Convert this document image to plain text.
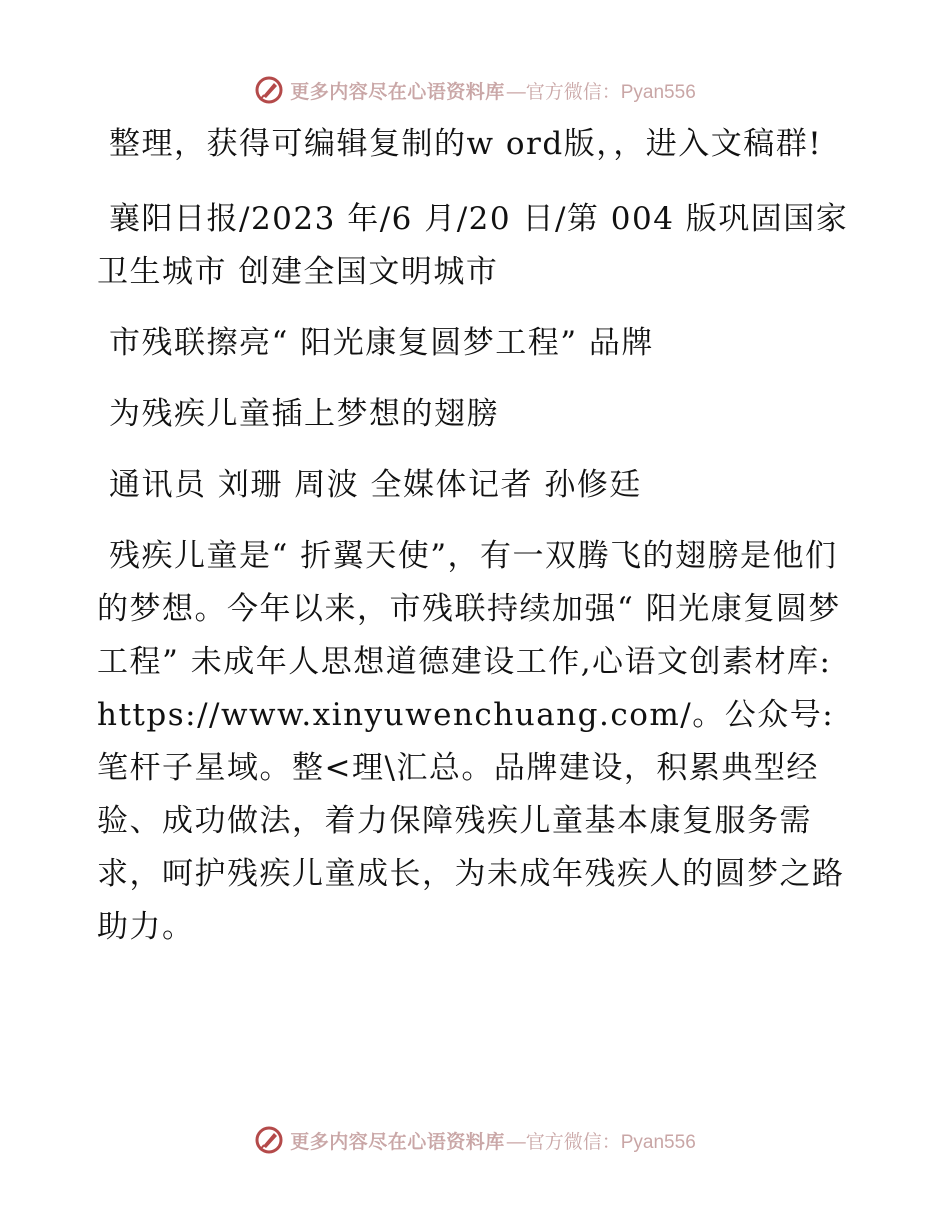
更多内容尽在心语资料库 —官方微信：Pyan556

整理，获得可编辑复制的w ord版，，进入文稿群!

襄阳日报/2023 年/6 月/20 日/第 004 版巩固国家卫生城市 创建全国文明城市

市残联擦亮“ 阳光康复圆梦工程” 品牌

为残疾儿童插上梦想的翅膀

通讯员 刘珊 周波 全媒体记者 孙修廷

残疾儿童是“ 折翼天使”，有一双腾飞的翅膀是他们的梦想。今年以来，市残联持续加强“ 阳光康复圆梦工程” 未成年人思想道德建设工作,心语文创素材库: https://www.xinyuwenchuang.com/。公众号: 笔杆子星域。整<理\汇总。品牌建设，积累典型经验、成功做法，着力保障残疾儿童基本康复服务需求，呵护残疾儿童成长，为未成年残疾人的圆梦之路助力。

更多内容尽在心语资料库 —官方微信：Pyan556
